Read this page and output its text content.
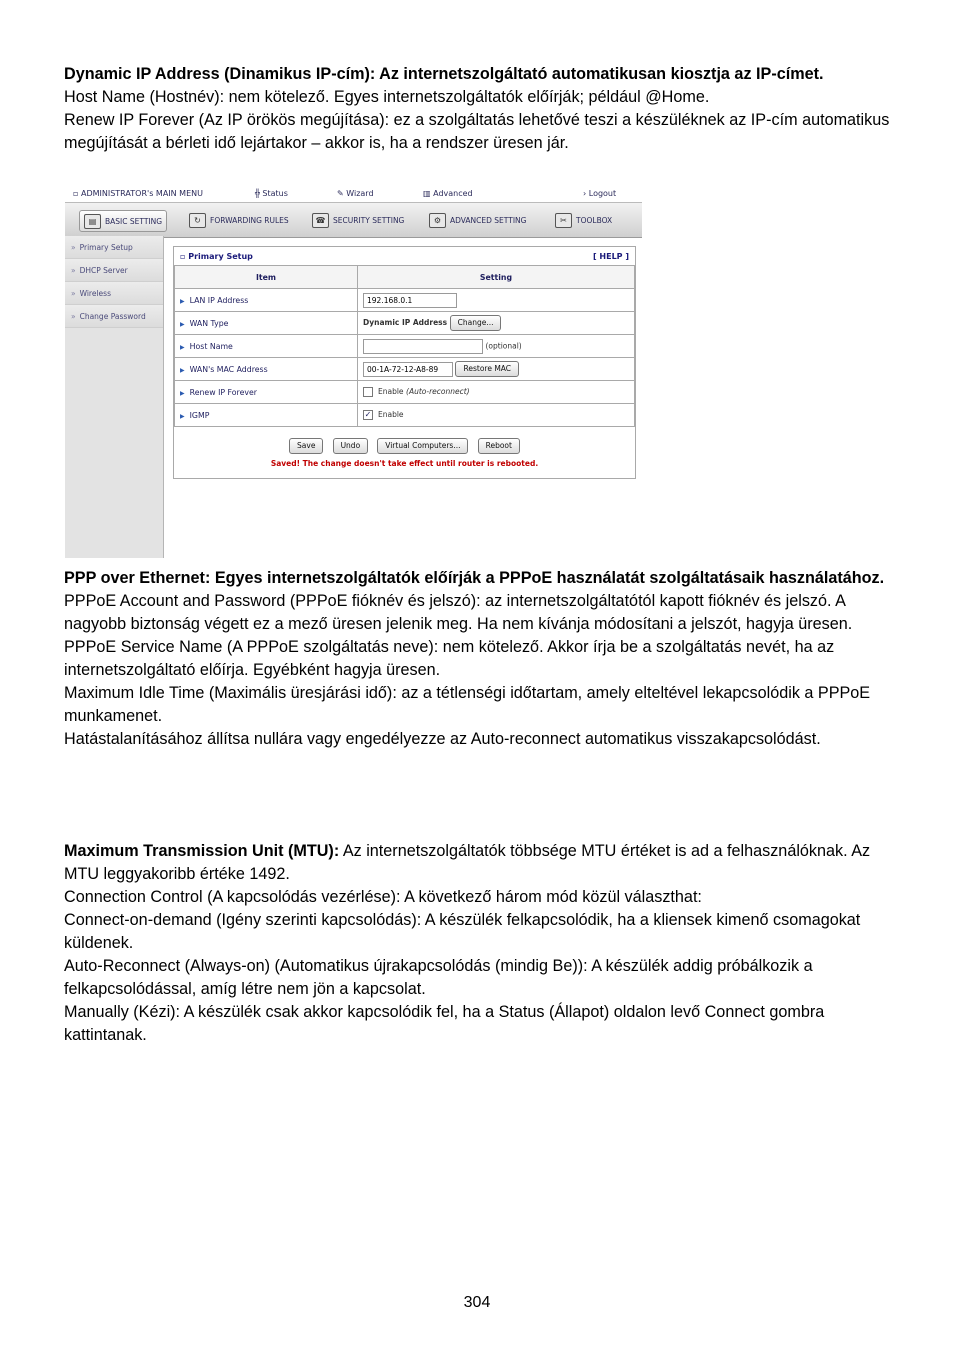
Dynamic IP Address (Dinamikus IP-cím): Az internetszolgáltató automatikusan kiosztja az IP-címet.

Host Name (Hostnév): nem kötelező. Egyes internetszolgáltatók előírják; például @Home.

Renew IP Forever (Az IP örökös megújítása): ez a szolgáltatás lehetővé teszi a készüléknek az IP-cím automatikus megújítását a bérleti idő lejártakor – akkor is, ha a rendszer üresen jár.

▫ ADMINISTRATOR's MAIN MENU	╬ Status	✎ Wizard	▥ Advanced	› Logout
▤	BASIC SETTING	↻	FORWARDING RULES	☎	SECURITY SETTING	⚙	ADVANCED SETTING	✂	TOOLBOX
» Primary Setup
» DHCP Server
» Wireless
» Change Password
▫ Primary Setup	[ HELP ]
Item	Setting
▶ LAN IP Address	192.168.0.1
▶ WAN Type	Dynamic IP Address Change...
▶ Host Name	(optional)
▶ WAN's MAC Address	00-1A-72-12-A8-89 Restore MAC
▶ Renew IP Forever	Enable (Auto-reconnect)
▶ IGMP	✓ Enable
Save	Undo	Virtual Computers...	Reboot
Saved! The change doesn't take effect until router is rebooted.

PPP over Ethernet: Egyes internetszolgáltatók előírják a PPPoE használatát szolgáltatásaik használatához.

PPPoE Account and Password (PPPoE fióknév és jelszó): az internetszolgáltatótól kapott fióknév és jelszó. A nagyobb biztonság végett ez a mező üresen jelenik meg. Ha nem kívánja módosítani a jelszót, hagyja üresen.

PPPoE Service Name (A PPPoE szolgáltatás neve): nem kötelező. Akkor írja be a szolgáltatás nevét, ha az internetszolgáltató előírja. Egyébként hagyja üresen.

Maximum Idle Time (Maximális üresjárási idő): az a tétlenségi időtartam, amely elteltével lekapcsolódik a PPPoE munkamenet.

Hatástalanításához állítsa nullára vagy engedélyezze az Auto-reconnect automatikus visszakapcsolódást.

Maximum Transmission Unit (MTU): Az internetszolgáltatók többsége MTU értéket is ad a felhasználóknak. Az MTU leggyakoribb értéke 1492.

Connection Control (A kapcsolódás vezérlése): A következő három mód közül választhat:

Connect-on-demand (Igény szerinti kapcsolódás): A készülék felkapcsolódik, ha a kliensek kimenő csomagokat küldenek.

Auto-Reconnect (Always-on) (Automatikus újrakapcsolódás (mindig Be)): A készülék addig próbálkozik a felkapcsolódással, amíg létre nem jön a kapcsolat.

Manually (Kézi): A készülék csak akkor kapcsolódik fel, ha a Status (Állapot) oldalon levő Connect gombra kattintanak.

304
